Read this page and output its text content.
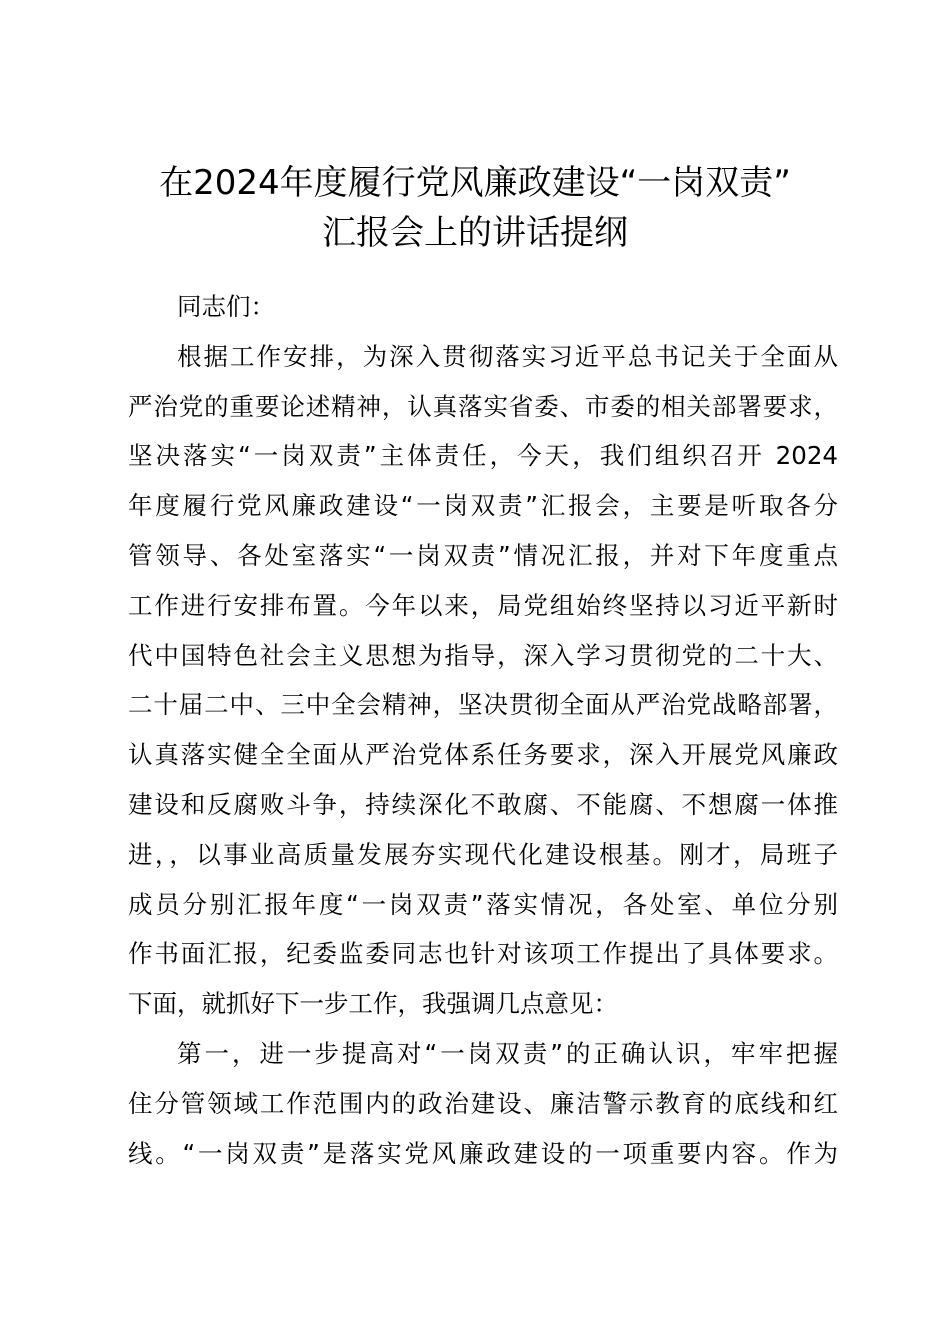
在2024年度履行党风廉政建设“一岗双责”
汇报会上的讲话提纲
同志们：
根据工作安排，为深入贯彻落实习近平总书记关于全面从
严治党的重要论述精神，认真落实省委、市委的相关部署要求，
坚决落实“一岗双责”主体责任，今天，我们组织召开 2024
年度履行党风廉政建设“一岗双责”汇报会，主要是听取各分
管领导、各处室落实“一岗双责”情况汇报，并对下年度重点
工作进行安排布置。今年以来，局党组始终坚持以习近平新时
代中国特色社会主义思想为指导，深入学习贯彻党的二十大、
二十届二中、三中全会精神，坚决贯彻全面从严治党战略部署，
认真落实健全全面从严治党体系任务要求，深入开展党风廉政
建设和反腐败斗争，持续深化不敢腐、不能腐、不想腐一体推
进，，以事业高质量发展夯实现代化建设根基。刚才，局班子
成员分别汇报年度“一岗双责”落实情况，各处室、单位分别
作书面汇报，纪委监委同志也针对该项工作提出了具体要求。
下面，就抓好下一步工作，我强调几点意见：
第一，进一步提高对“一岗双责”的正确认识，牢牢把握
住分管领域工作范围内的政治建设、廉洁警示教育的底线和红
线。“一岗双责”是落实党风廉政建设的一项重要内容。作为
